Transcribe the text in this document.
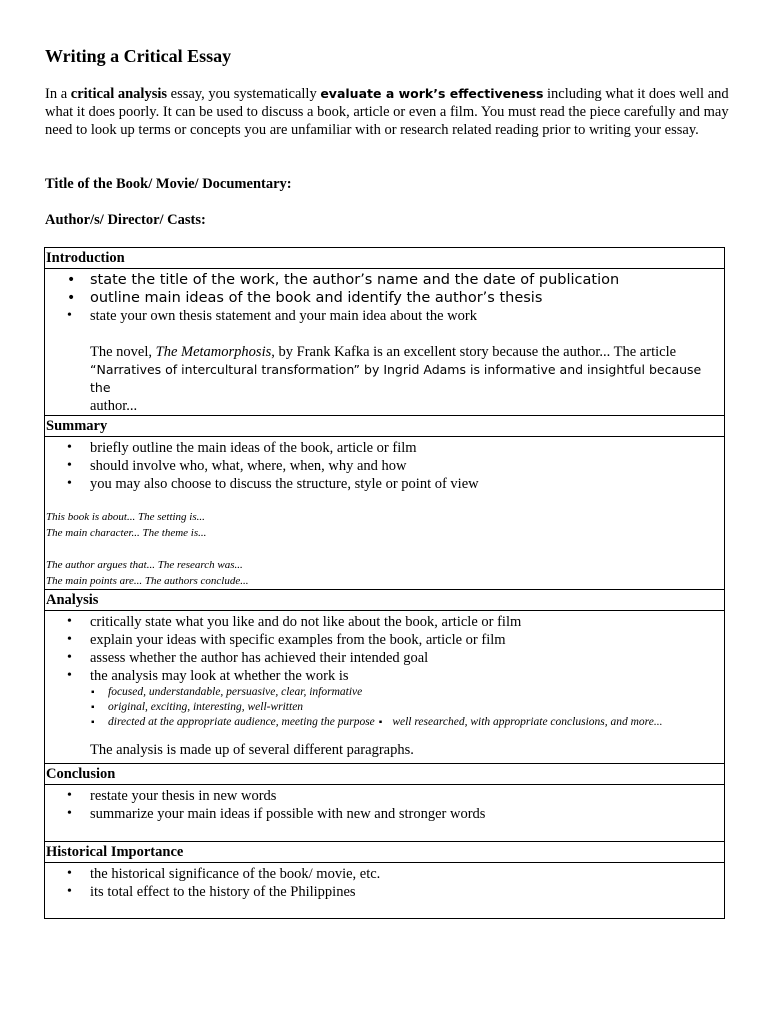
Writing a Critical Essay

In a critical analysis essay, you systematically evaluate a work’s effectiveness including what it does well and what it does poorly. It can be used to discuss a book, article or even a film. You must read the piece carefully and may need to look up terms or concepts you are unfamiliar with or research related reading prior to writing your essay.

Title of the Book/ Movie/ Documentary:

Author/s/ Director/ Casts:

Introduction

• state the title of the work, the author’s name and the date of publication
• outline main ideas of the book and identify the author’s thesis
• state your own thesis statement and your main idea about the work
The novel, The Metamorphosis, by Frank Kafka is an excellent story because the author... The article “Narratives of intercultural transformation” by Ingrid Adams is informative and insightful because the
author...

Summary

• briefly outline the main ideas of the book, article or film
• should involve who, what, where, when, why and how
• you may also choose to discuss the structure, style or point of view
This book is about... The setting is...
The main character... The theme is...
The author argues that... The research was...
The main points are... The authors conclude...

Analysis

• critically state what you like and do not like about the book, article or film
• explain your ideas with specific examples from the book, article or film
• assess whether the author has achieved their intended goal
• the analysis may look at whether the work is
▪ focused, understandable, persuasive, clear, informative
▪ original, exciting, interesting, well-written
▪ directed at the appropriate audience, meeting the purpose ▪ well researched, with appropriate conclusions, and more...
The analysis is made up of several different paragraphs.

Conclusion

• restate your thesis in new words
• summarize your main ideas if possible with new and stronger words

Historical Importance

• the historical significance of the book/ movie, etc.
• its total effect to the history of the Philippines
